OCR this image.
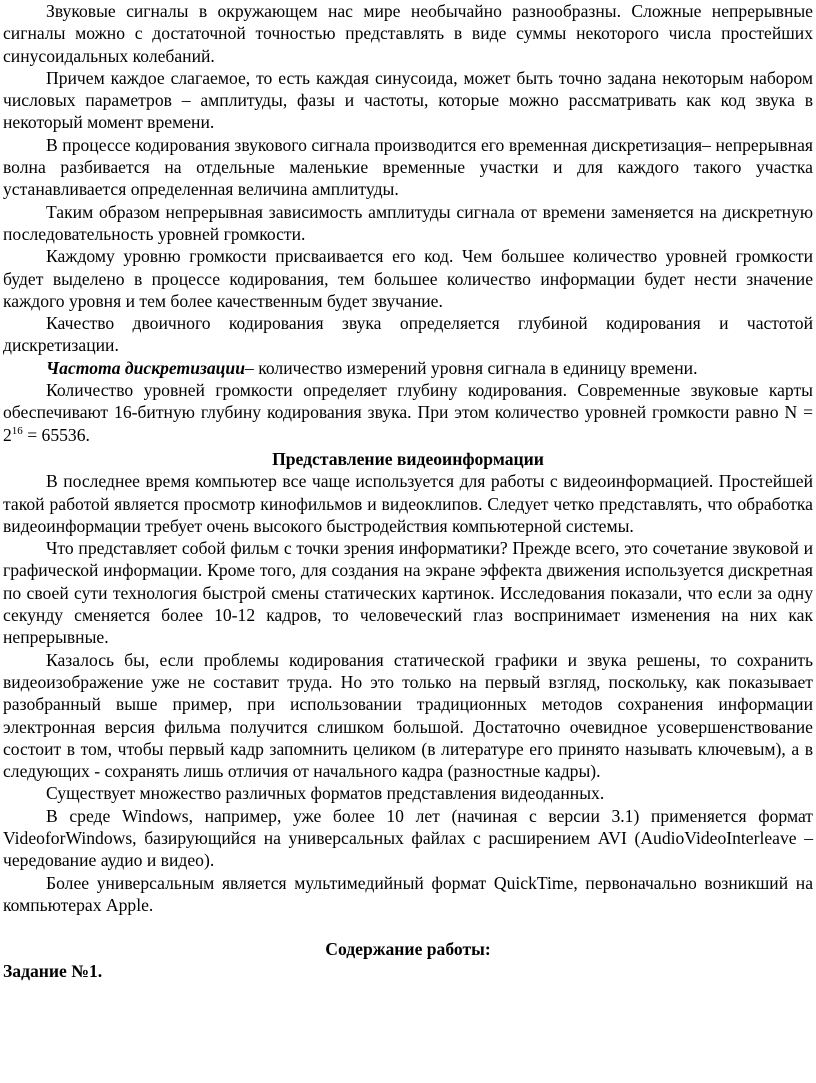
Звуковые сигналы в окружающем нас мире необычайно разнообразны. Сложные непрерывные сигналы можно с достаточной точностью представлять в виде суммы некоторого числа простейших синусоидальных колебаний.

Причем каждое слагаемое, то есть каждая синусоида, может быть точно задана некоторым набором числовых параметров – амплитуды, фазы и частоты, которые можно рассматривать как код звука в некоторый момент времени.

В процессе кодирования звукового сигнала производится его временная дискретизация– непрерывная волна разбивается на отдельные маленькие временные участки и для каждого такого участка устанавливается определенная величина амплитуды.

Таким образом непрерывная зависимость амплитуды сигнала от времени заменяется на дискретную последовательность уровней громкости.

Каждому уровню громкости присваивается его код. Чем большее количество уровней громкости будет выделено в процессе кодирования, тем большее количество информации будет нести значение каждого уровня и тем более качественным будет звучание.

Качество двоичного кодирования звука определяется глубиной кодирования и частотой дискретизации.

Частота дискретизации– количество измерений уровня сигнала в единицу времени.

Количество уровней громкости определяет глубину кодирования. Современные звуковые карты обеспечивают 16-битную глубину кодирования звука. При этом количество уровней громкости равно $N = 2^{16} = 65536$.

Представление видеоинформации

В последнее время компьютер все чаще используется для работы с видеоинформацией. Простейшей такой работой является просмотр кинофильмов и видеоклипов. Следует четко представлять, что обработка видеоинформации требует очень высокого быстродействия компьютерной системы.

Что представляет собой фильм с точки зрения информатики? Прежде всего, это сочетание звуковой и графической информации. Кроме того, для создания на экране эффекта движения используется дискретная по своей сути технология быстрой смены статических картинок. Исследования показали, что если за одну секунду сменяется более 10-12 кадров, то человеческий глаз воспринимает изменения на них как непрерывные.

Казалось бы, если проблемы кодирования статической графики и звука решены, то сохранить видеоизображение уже не составит труда. Но это только на первый взгляд, поскольку, как показывает разобранный выше пример, при использовании традиционных методов сохранения информации электронная версия фильма получится слишком большой. Достаточно очевидное усовершенствование состоит в том, чтобы первый кадр запомнить целиком (в литературе его принято называть ключевым), а в следующих - сохранять лишь отличия от начального кадра (разностные кадры).

Существует множество различных форматов представления видеоданных.

В среде Windows, например, уже более 10 лет (начиная с версии 3.1) применяется формат VideoforWindows, базирующийся на универсальных файлах с расширением AVI (AudioVideoInterleave – чередование аудио и видео).

Более универсальным является мультимедийный формат QuickTime, первоначально возникший на компьютерах Apple.

Содержание работы:

Задание №1.
